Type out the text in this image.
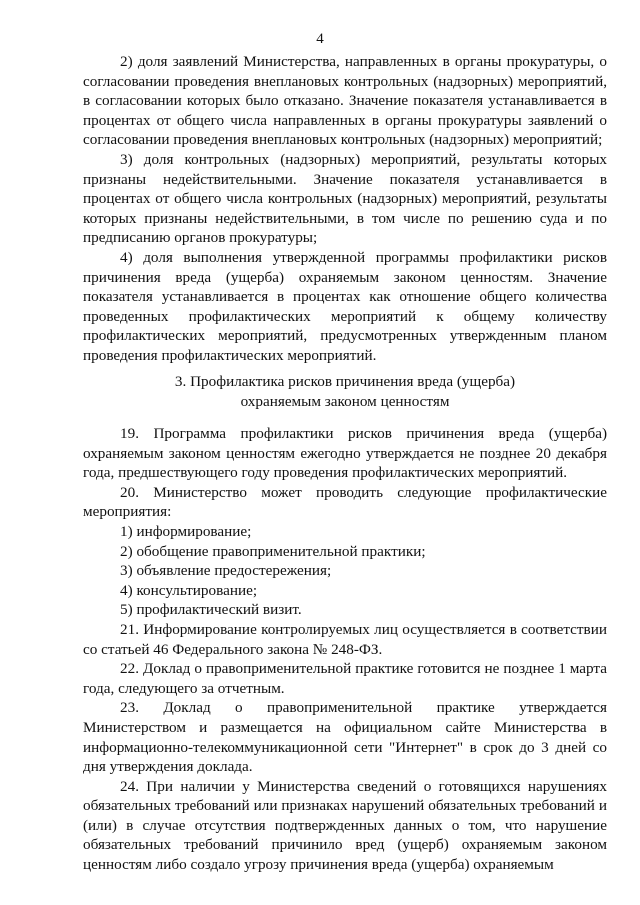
4

2) доля заявлений Министерства, направленных в органы прокуратуры, о согласовании проведения внеплановых контрольных (надзорных) мероприятий, в согласовании которых было отказано. Значение показателя устанавливается в процентах от общего числа направленных в органы прокуратуры заявлений о согласовании проведения внеплановых контрольных (надзорных) мероприятий;

3) доля контрольных (надзорных) мероприятий, результаты которых признаны недействительными. Значение показателя устанавливается в процентах от общего числа контрольных (надзорных) мероприятий, результаты которых признаны недействительными, в том числе по решению суда и по предписанию органов прокуратуры;

4) доля выполнения утвержденной программы профилактики рисков причинения вреда (ущерба) охраняемым законом ценностям. Значение показателя устанавливается в процентах как отношение общего количества проведенных профилактических мероприятий к общему количеству профилактических мероприятий, предусмотренных утвержденным планом проведения профилактических мероприятий.

3. Профилактика рисков причинения вреда (ущерба)

охраняемым законом ценностям

19. Программа профилактики рисков причинения вреда (ущерба) охраняемым законом ценностям ежегодно утверждается не позднее 20 декабря года, предшествующего году проведения профилактических мероприятий.

20. Министерство может проводить следующие профилактические мероприятия:

1) информирование;

2) обобщение правоприменительной практики;

3) объявление предостережения;

4) консультирование;

5) профилактический визит.

21. Информирование контролируемых лиц осуществляется в соответствии со статьей 46 Федерального закона № 248-ФЗ.

22. Доклад о правоприменительной практике готовится не позднее 1 марта года, следующего за отчетным.

23. Доклад о правоприменительной практике утверждается Министерством и размещается на официальном сайте Министерства в информационно-телекоммуникационной сети "Интернет" в срок до 3 дней со дня утверждения доклада.

24. При наличии у Министерства сведений о готовящихся нарушениях обязательных требований или признаках нарушений обязательных требований и (или) в случае отсутствия подтвержденных данных о том, что нарушение обязательных требований причинило вред (ущерб) охраняемым законом ценностям либо создало угрозу причинения вреда (ущерба) охраняемым
